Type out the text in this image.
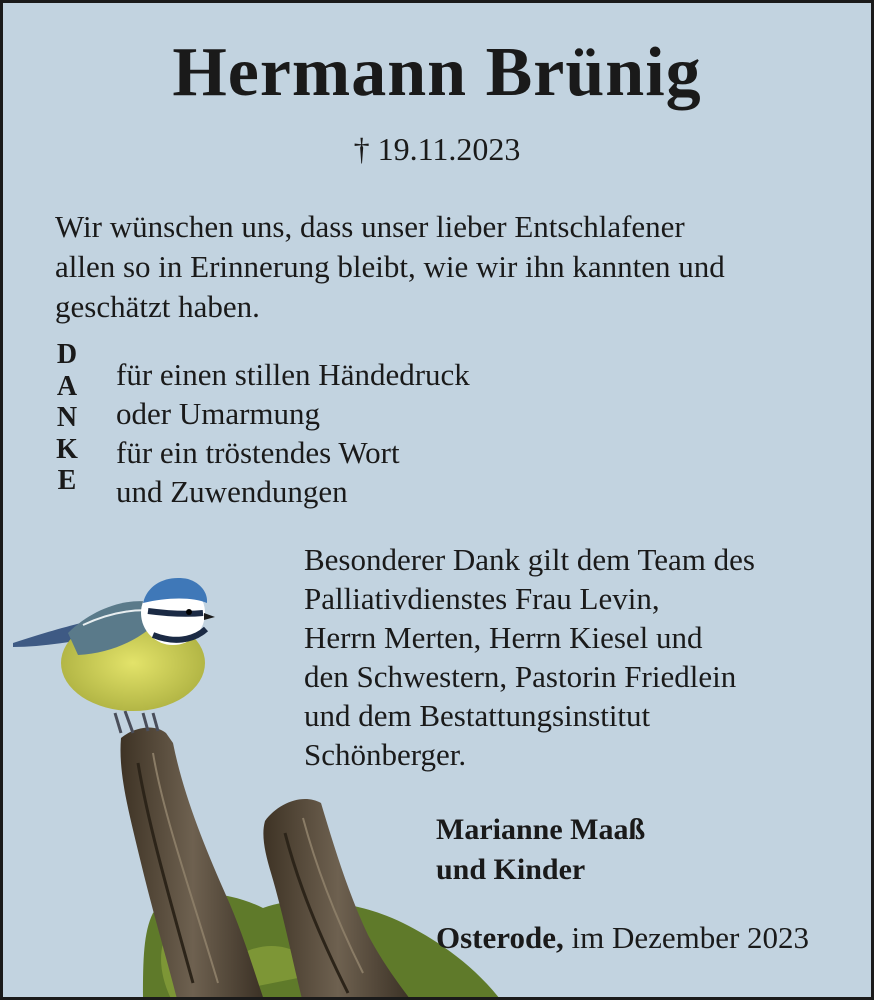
Hermann Brünig
† 19.11.2023
Wir wünschen uns, dass unser lieber Entschlafener
allen so in Erinnerung bleibt, wie wir ihn kannten und
geschätzt haben.
D
A
N
K
E
für einen stillen Händedruck
oder Umarmung
für ein tröstendes Wort
und Zuwendungen
Besonderer Dank gilt dem Team des
Palliativdienstes Frau Levin,
Herrn Merten, Herrn Kiesel und
den Schwestern, Pastorin Friedlein
und dem Bestattungsinstitut
Schönberger.
Marianne Maaß
und Kinder
Osterode, im Dezember 2023
